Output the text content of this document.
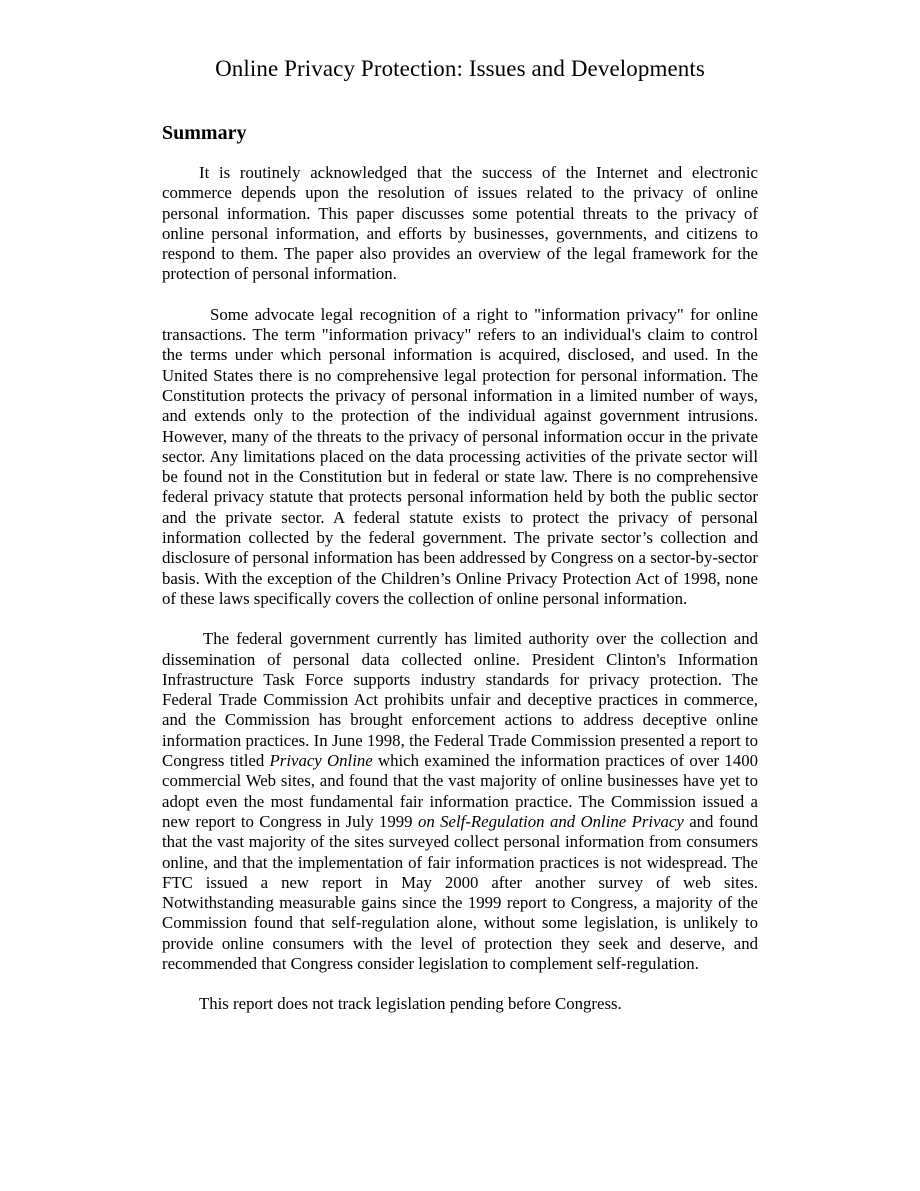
Online Privacy Protection: Issues and Developments
Summary

It is routinely acknowledged that the success of the Internet and electronic commerce depends upon the resolution of issues related to the privacy of online personal information. This paper discusses some potential threats to the privacy of online personal information, and efforts by businesses, governments, and citizens to respond to them. The paper also provides an overview of the legal framework for the protection of personal information.

Some advocate legal recognition of a right to "information privacy" for online transactions. The term "information privacy" refers to an individual's claim to control the terms under which personal information is acquired, disclosed, and used. In the United States there is no comprehensive legal protection for personal information. The Constitution protects the privacy of personal information in a limited number of ways, and extends only to the protection of the individual against government intrusions. However, many of the threats to the privacy of personal information occur in the private sector. Any limitations placed on the data processing activities of the private sector will be found not in the Constitution but in federal or state law. There is no comprehensive federal privacy statute that protects personal information held by both the public sector and the private sector. A federal statute exists to protect the privacy of personal information collected by the federal government. The private sector’s collection and disclosure of personal information has been addressed by Congress on a sector-by-sector basis. With the exception of the Children’s Online Privacy Protection Act of 1998, none of these laws specifically covers the collection of online personal information.

The federal government currently has limited authority over the collection and dissemination of personal data collected online. President Clinton's Information Infrastructure Task Force supports industry standards for privacy protection. The Federal Trade Commission Act prohibits unfair and deceptive practices in commerce, and the Commission has brought enforcement actions to address deceptive online information practices. In June 1998, the Federal Trade Commission presented a report to Congress titled Privacy Online which examined the information practices of over 1400 commercial Web sites, and found that the vast majority of online businesses have yet to adopt even the most fundamental fair information practice. The Commission issued a new report to Congress in July 1999 on Self-Regulation and Online Privacy and found that the vast majority of the sites surveyed collect personal information from consumers online, and that the implementation of fair information practices is not widespread. The FTC issued a new report in May 2000 after another survey of web sites. Notwithstanding measurable gains since the 1999 report to Congress, a majority of the Commission found that self-regulation alone, without some legislation, is unlikely to provide online consumers with the level of protection they seek and deserve, and recommended that Congress consider legislation to complement self-regulation.

This report does not track legislation pending before Congress.
